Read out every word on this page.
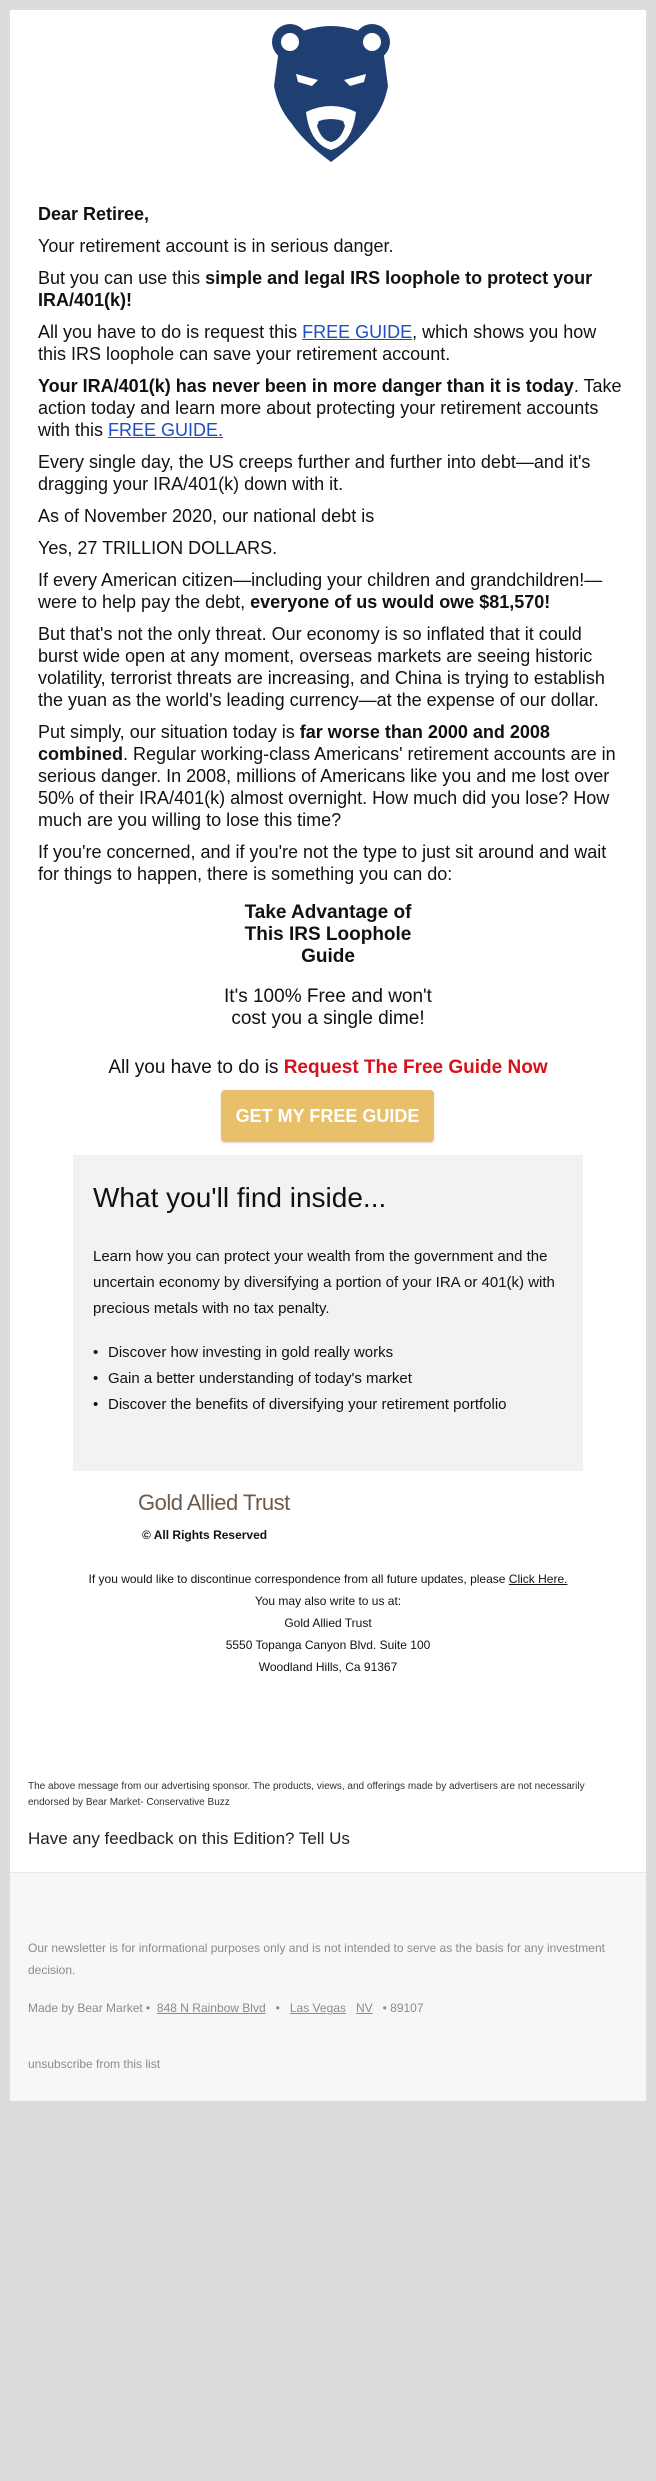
Dear Retiree,

Your retirement account is in serious danger.

But you can use this simple and legal IRS loophole to protect your IRA/401(k)!

All you have to do is request this FREE GUIDE, which shows you how this IRS loophole can save your retirement account.

Your IRA/401(k) has never been in more danger than it is today. Take action today and learn more about protecting your retirement accounts with this FREE GUIDE.

Every single day, the US creeps further and further into debt—and it's dragging your IRA/401(k) down with it.

As of November 2020, our national debt is

Yes, 27 TRILLION DOLLARS.

If every American citizen—including your children and grandchildren!—were to help pay the debt, everyone of us would owe $81,570!

But that's not the only threat. Our economy is so inflated that it could burst wide open at any moment, overseas markets are seeing historic volatility, terrorist threats are increasing, and China is trying to establish the yuan as the world's leading currency—at the expense of our dollar.

Put simply, our situation today is far worse than 2000 and 2008 combined. Regular working-class Americans' retirement accounts are in serious danger. In 2008, millions of Americans like you and me lost over 50% of their IRA/401(k) almost overnight. How much did you lose? How much are you willing to lose this time?

If you're concerned, and if you're not the type to just sit around and wait for things to happen, there is something you can do:

Take Advantage of
This IRS Loophole
Guide
It's 100% Free and won't
cost you a single dime!
All you have to do is Request The Free Guide Now
GET MY FREE GUIDE
What you'll find inside...
Learn how you can protect your wealth from the government and the uncertain economy by diversifying a portion of your IRA or 401(k) with precious metals with no tax penalty.
• Discover how investing in gold really works
• Gain a better understanding of today's market
• Discover the benefits of diversifying your retirement portfolio
Gold Allied Trust
© All Rights Reserved
If you would like to discontinue correspondence from all future updates, please Click Here.
You may also write to us at:
Gold Allied Trust
5550 Topanga Canyon Blvd. Suite 100
Woodland Hills, Ca 91367
The above message from our advertising sponsor. The products, views, and offerings made by advertisers are not necessarily endorsed by Bear Market- Conservative Buzz
Have any feedback on this Edition? Tell Us
Our newsletter is for informational purposes only and is not intended to serve as the basis for any investment decision.
Made by Bear Market • 848 N Rainbow Blvd   •   Las Vegas NV • 89107
unsubscribe from this list
